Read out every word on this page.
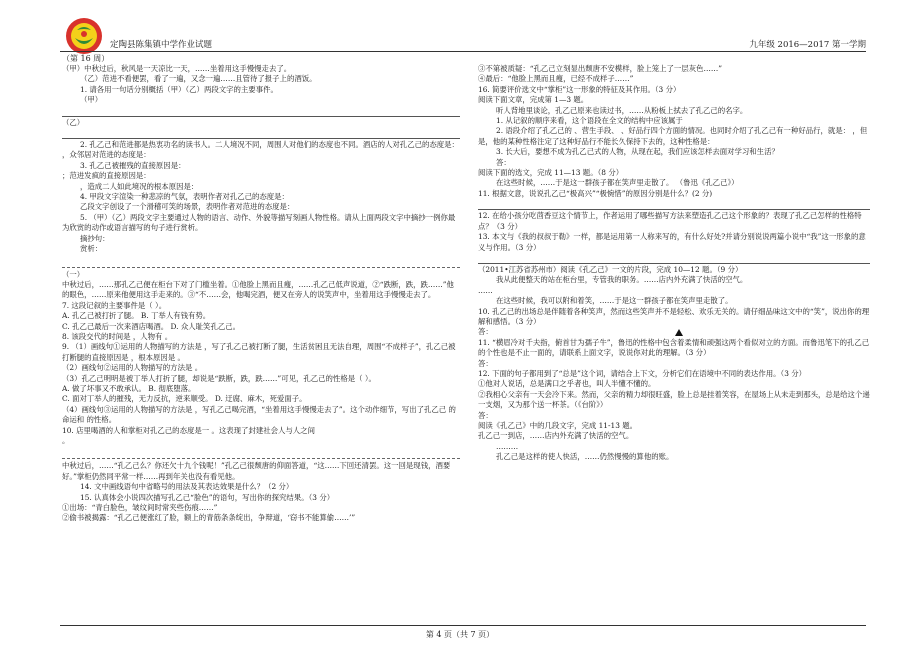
定陶县陈集镇中学作业试题	九年级 2016—2017 第一学期
（第 16 周）

（甲）中秋过后，秋风是一天凉比一天，……坐着用这手慢慢走去了。

（乙）范进不看便罢，看了一遍，又念一遍……且管待了报子上的酒饭。

1. 请各用一句话分别概括（甲）（乙）两段文字的主要事件。

（甲）

（乙）

2. 孔乙己和范进都是热衷功名的读书人。二人境况不同，周围人对他们的态度也不同。酒店的人对孔乙己的态度是：

，众邻居对范进的态度是：

3. 孔乙己被摧残的直接原因是：

；范进发疯的直接原因是：

，造成二人如此境况的根本原因是：

4. 甲段文字渲染一种悲凉的气氛，表明作者对孔乙己的态度是：

乙段文字创设了一个滑稽可笑的场景，表明作者对范进的态度是：

5. （甲）（乙）两段文字主要通过人物的语言、动作、外貌等描写刻画人物性格。请从上面两段文字中摘抄一例你最为欣赏的动作或语言描写的句子进行赏析。

摘抄句：

赏析：

（一）

中秋过后，……那孔乙己便在柜台下对了门槛坐着。①他脸上黑而且瘦，……孔乙己低声说道，②“跌断，跌，跌……”他的眼色，……原来他便用这手走来的。③“不……会，他喝完酒，便又在旁人的说笑声中，坐着用这手慢慢走去了。

7. 这段记叙的主要事件是（ ）。

A. 孔乙己被打折了腿。 B. 丁举人有钱有势。

C. 孔乙己最后一次来酒店喝酒。 D. 众人耻笑孔乙己。

8. 该段交代的时间是 ，人物有 。

9. （1）画线句①运用的人物描写的方法是 ，写了孔乙己被打断了腿，生活贫困且无法自理，周围“不成样子”，孔乙己被打断腿的直接原因是 ，根本原因是 。

（2）画线句②运用的人物描写的方法是 。

（3）孔乙己明明是被丁举人打折了腿，却说是“跌断，跌，跌……”可见，孔乙己的性格是（ ）。

A. 做了坏事又不敢承认。 B. 彻底堕落。

C. 面对丁举人的摧残，无力反抗，逆来顺受。 D. 迂腐、麻木，死爱面子。

（4）画线句③运用的人物描写的方法是 ，写孔乙己喝完酒，“坐着用这手慢慢走去了”。这个动作细节，写出了孔乙己 的命运和 的性格。

10. 店里喝酒的人和掌柜对孔乙己的态度是一 。这表现了封建社会人与人之间

。

中秋过后，……“孔乙己么？你还欠十九个钱呢！”孔乙己很颓唐的仰面答道，“这……下回还清罢。这一回是现钱，酒要好。”掌柜仍然同平常一样……再到年关也没有看见他。

14. 文中画线语句中省略号的用法及其表达效果是什么？（2 分）

15. 认真体会小说四次描写孔乙己“脸色”的语句，写出你的探究结果。（3 分）

①出场：“青白脸色，皱纹间时常夹些伤痕……”

②偷书被揭露：“孔乙己便涨红了脸，额上的青筋条条绽出，争辩道，‘窃书不能算偷……’”

③不第被质疑：“孔乙己立刻显出颓唐不安模样，脸上笼上了一层灰色……”

④最后：“他脸上黑而且瘦，已经不成样子……”

16. 简要评价选文中“掌柜”这一形象的特征及其作用。（3 分）

阅读下面文章，完成第 1—3 题。

听人背地里谈论，孔乙己原来也读过书，……从粉板上拭去了孔乙己的名字。

1. 从记叙的顺序来看，这个语段在全文的结构中应该属于

2. 语段介绍了孔乙己的 、营生手段、 、好品行四个方面的情况。也同时介绍了孔乙己有一种好品行，就是： ，但是，他的某种性格注定了这种好品行不能长久保持下去的，这种性格是：

3. 长大后，要想不成为孔乙己式的人物，从现在起，我们应该怎样去面对学习和生活？

答：

阅读下面的选文，完成 11—13 题。（8 分）

在这些时候，……于是这一群孩子都在笑声里走散了。 （鲁迅《孔乙己》）

11. 根据文意，说说孔乙己“极高兴”“极惋惜”的原因分别是什么？(2 分)

12. 在给小孩分吃茴香豆这个情节上，作者运用了哪些描写方法来塑造孔乙己这个形象的？表现了孔乙己怎样的性格特点？（3 分）

13. 本文与《我的叔叔于勒》一样，都是运用第一人称来写的，有什么好处?并请分别说说两篇小说中“我”这一形象的意义与作用。（3 分）

（2011•江苏省苏州市）阅读《孔乙己》一文的片段，完成 10—12 题。（9 分）

我从此便整天的站在柜台里，专管我的职务。……店内外充满了快活的空气。

……

在这些时候，我可以附和着笑，……于是这一群孩子都在笑声里走散了。

10. 孔乙己的出场总是伴随着各种笑声，然而这些笑声并不是轻松、欢乐无关的。请仔细品味这文中的“笑”，说出你的理解和感悟。（3 分）

答：

11. “横眉冷对千夫指，俯首甘为孺子牛”，鲁迅的性格中包含着柔情和顽强这两个看似对立的方面。而鲁迅笔下的孔乙己的个性也是不止一面的，请联系上面文字，说说你对此的理解。（3 分）

答：

12. 下面的句子都用到了“总是”这个词，请结合上下文，分析它们在语境中不同的表达作用。（3 分）

①他对人说话，总是满口之乎者也，叫人半懂不懂的。

②我相心父亲有一天会冷下来。然而，父亲的精力却很旺盛，脸上总是挂着笑容，在屋场上从未走到那头，总是给这个递一支烟，又为那个送一杯茶。（《台阶》）

答：

阅读《孔乙己》中的几段文字，完成 11-13 题。

孔乙己一到店，……店内外充满了快活的空气。

………

孔乙己是这样的使人快活，……仍然慢慢的算他的账。

第 4 页（共 7 页）
